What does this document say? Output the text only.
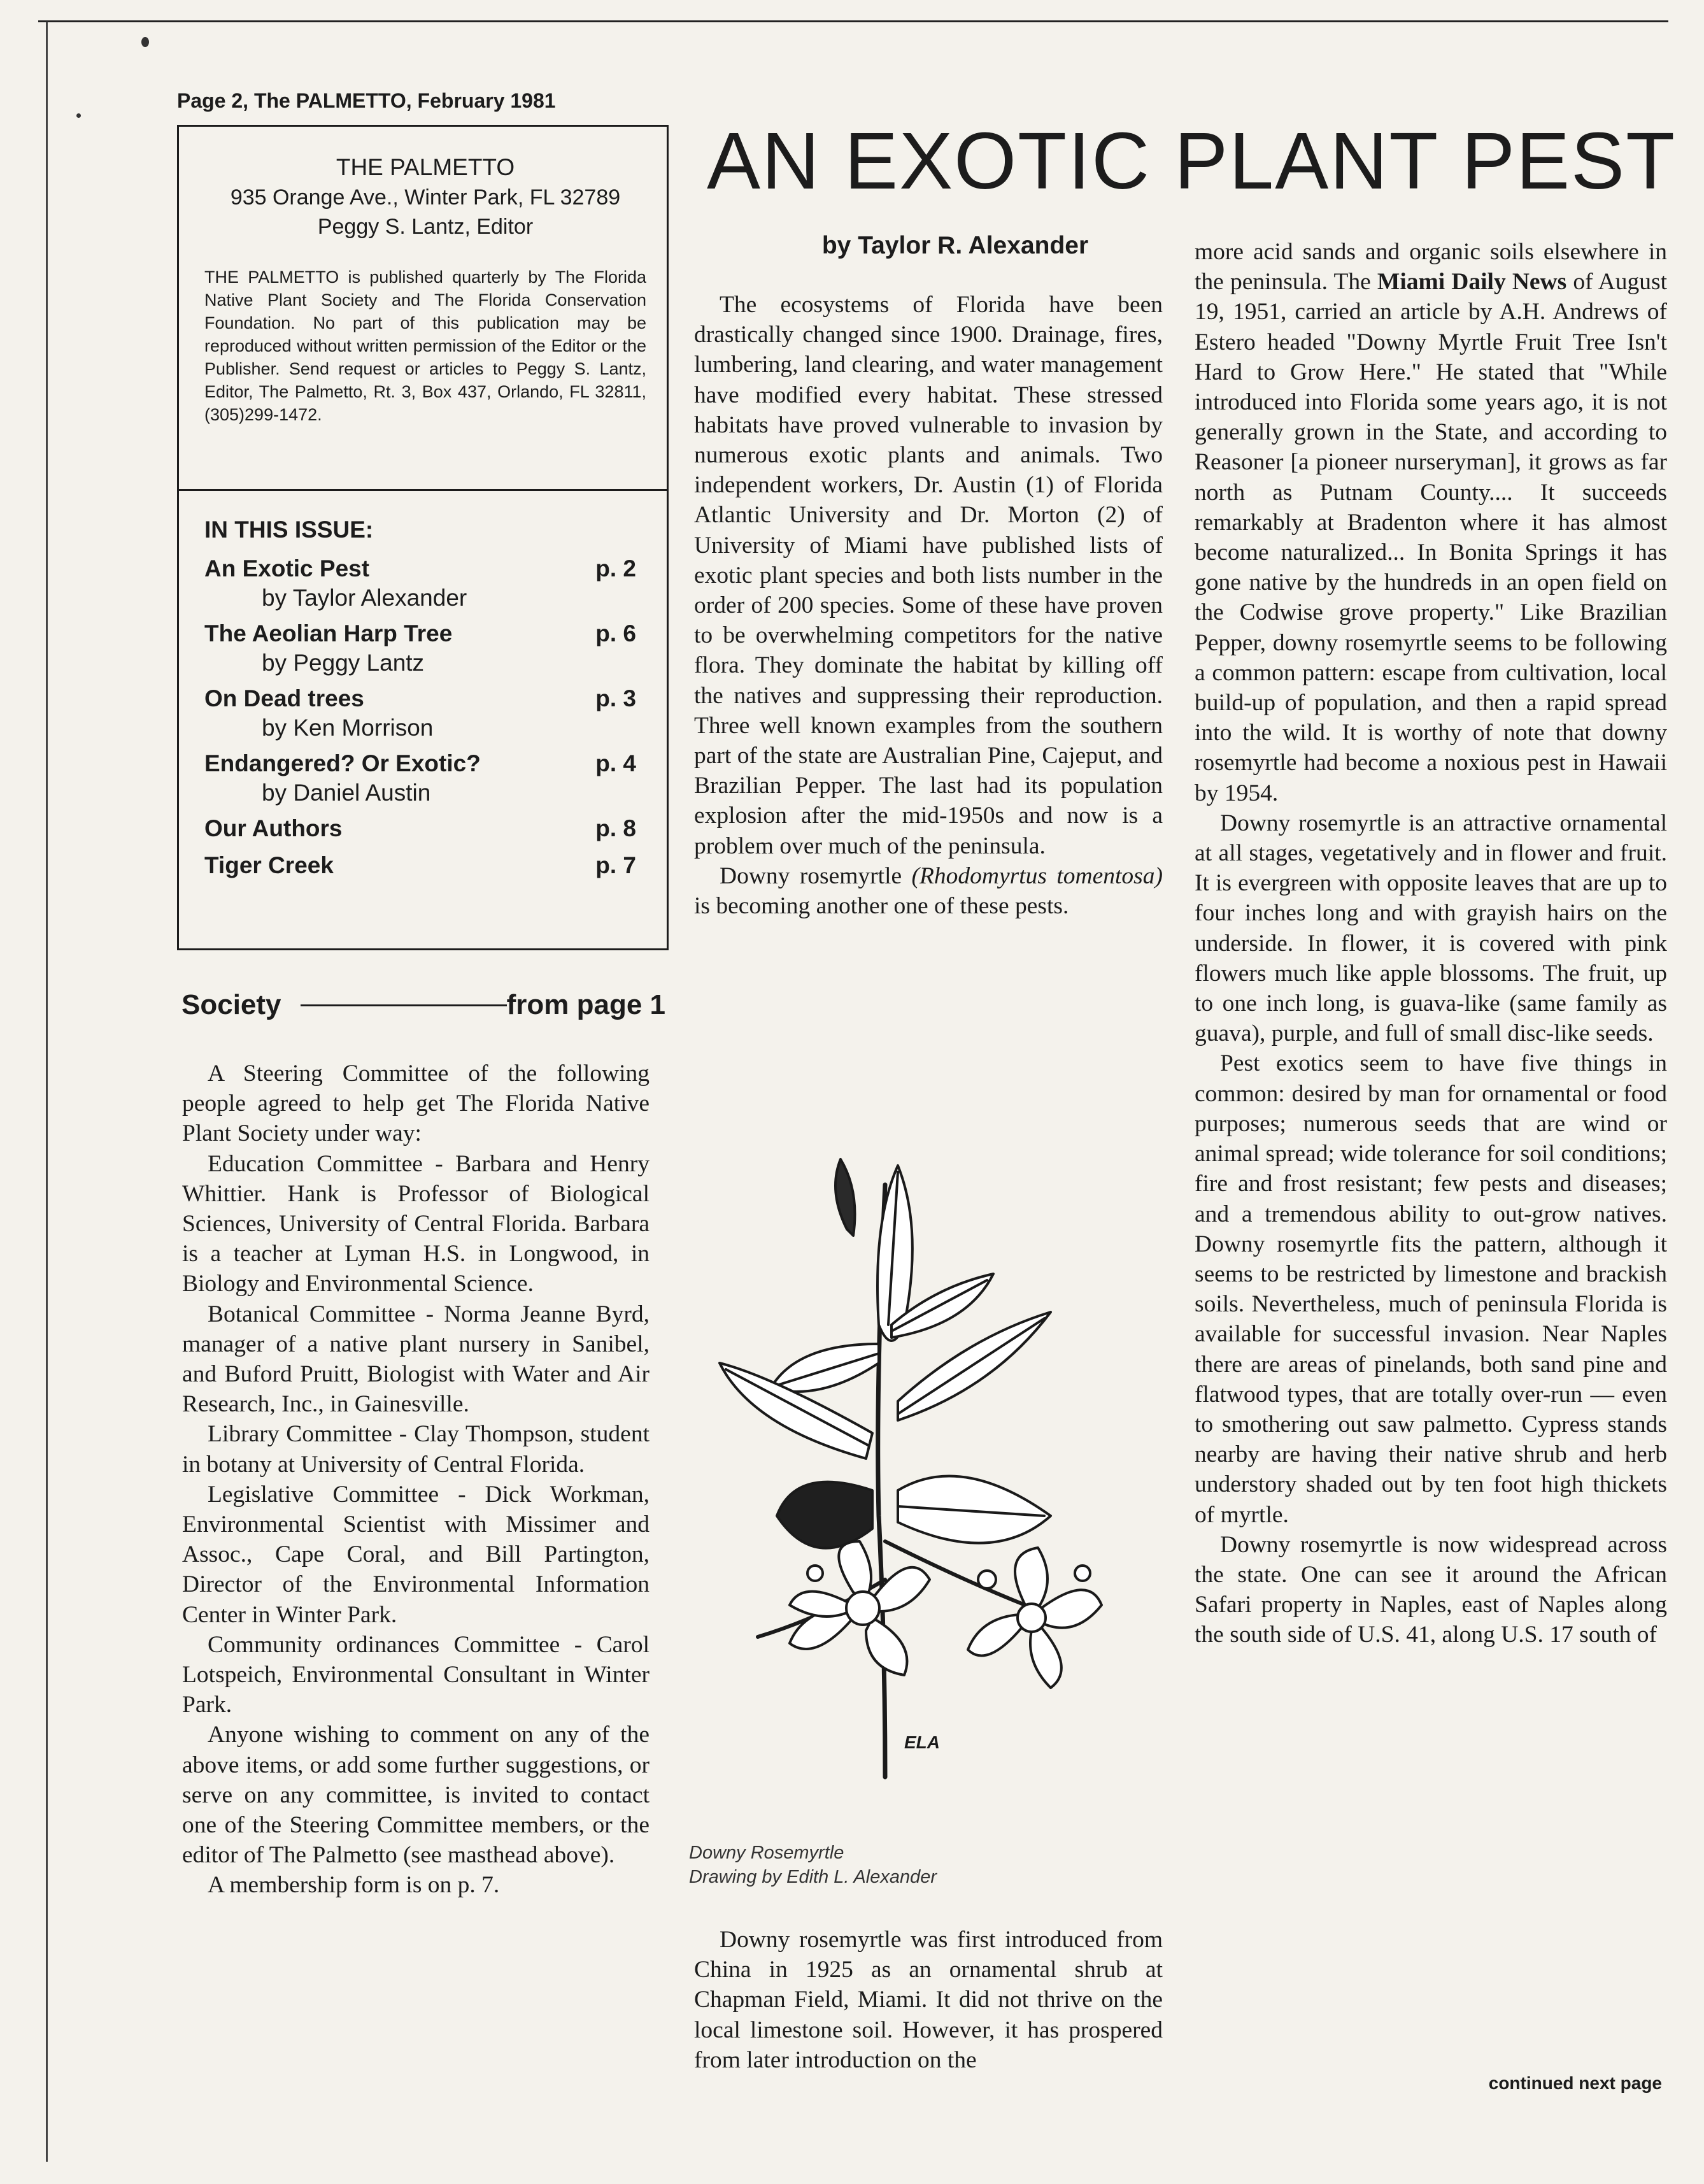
Page 2, The PALMETTO, February 1981
THE PALMETTO
935 Orange Ave., Winter Park, FL 32789
Peggy S. Lantz, Editor
THE PALMETTO is published quarterly by The Florida Native Plant Society and The Florida Conservation Foundation. No part of this publication may be reproduced without written permission of the Editor or the Publisher. Send request or articles to Peggy S. Lantz, Editor, The Palmetto, Rt. 3, Box 437, Orlando, FL 32811, (305)299-1472.
IN THIS ISSUE:
An Exotic Pest
by Taylor Alexander
p. 2
The Aeolian Harp Tree
by Peggy Lantz
p. 6
On Dead trees
by Ken Morrison
p. 3
Endangered? Or Exotic?
by Daniel Austin
p. 4
Our Authors	p. 8
Tiger Creek	p. 7
Society	from page 1

A Steering Committee of the following people agreed to help get The Florida Native Plant Society under way:

Education Committee - Barbara and Henry Whittier. Hank is Professor of Biological Sciences, University of Central Florida. Barbara is a teacher at Lyman H.S. in Longwood, in Biology and Environmental Science.

Botanical Committee - Norma Jeanne Byrd, manager of a native plant nursery in Sanibel, and Buford Pruitt, Biologist with Water and Air Research, Inc., in Gainesville.

Library Committee - Clay Thompson, student in botany at University of Central Florida.

Legislative Committee - Dick Workman, Environmental Scientist with Missimer and Assoc., Cape Coral, and Bill Partington, Director of the Environmental Information Center in Winter Park.

Community ordinances Committee - Carol Lotspeich, Environmental Consultant in Winter Park.

Anyone wishing to comment on any of the above items, or add some further suggestions, or serve on any committee, is invited to contact one of the Steering Committee members, or the editor of The Palmetto (see masthead above).

A membership form is on p. 7.

AN EXOTIC PLANT PEST
by Taylor R. Alexander

The ecosystems of Florida have been drastically changed since 1900. Drainage, fires, lumbering, land clearing, and water management have modified every habitat. These stressed habitats have proved vulnerable to invasion by numerous exotic plants and animals. Two independent workers, Dr. Austin (1) of Florida Atlantic University and Dr. Morton (2) of University of Miami have published lists of exotic plant species and both lists number in the order of 200 species. Some of these have proven to be overwhelming competitors for the native flora. They dominate the habitat by killing off the natives and suppressing their reproduction. Three well known examples from the southern part of the state are Australian Pine, Cajeput, and Brazilian Pepper. The last had its population explosion after the mid-1950s and now is a problem over much of the peninsula.

Downy rosemyrtle (Rhodomyrtus tomentosa) is becoming another one of these pests.

ELA
Downy Rosemyrtle
Drawing by Edith L. Alexander

Downy rosemyrtle was first introduced from China in 1925 as an ornamental shrub at Chapman Field, Miami. It did not thrive on the local limestone soil. However, it has prospered from later introduction on the

more acid sands and organic soils elsewhere in the peninsula. The Miami Daily News of August 19, 1951, carried an article by A.H. Andrews of Estero headed "Downy Myrtle Fruit Tree Isn't Hard to Grow Here." He stated that "While introduced into Florida some years ago, it is not generally grown in the State, and according to Reasoner [a pioneer nurseryman], it grows as far north as Putnam County.... It succeeds remarkably at Bradenton where it has almost become naturalized... In Bonita Springs it has gone native by the hundreds in an open field on the Codwise grove property." Like Brazilian Pepper, downy rosemyrtle seems to be following a common pattern: escape from cultivation, local build-up of population, and then a rapid spread into the wild. It is worthy of note that downy rosemyrtle had become a noxious pest in Hawaii by 1954.

Downy rosemyrtle is an attractive ornamental at all stages, vegetatively and in flower and fruit. It is evergreen with opposite leaves that are up to four inches long and with grayish hairs on the underside. In flower, it is covered with pink flowers much like apple blossoms. The fruit, up to one inch long, is guava-like (same family as guava), purple, and full of small disc-like seeds.

Pest exotics seem to have five things in common: desired by man for ornamental or food purposes; numerous seeds that are wind or animal spread; wide tolerance for soil conditions; fire and frost resistant; few pests and diseases; and a tremendous ability to out-grow natives. Downy rosemyrtle fits the pattern, although it seems to be restricted by limestone and brackish soils. Nevertheless, much of peninsula Florida is available for successful invasion. Near Naples there are areas of pinelands, both sand pine and flatwood types, that are totally over-run — even to smothering out saw palmetto. Cypress stands nearby are having their native shrub and herb understory shaded out by ten foot high thickets of myrtle.

Downy rosemyrtle is now widespread across the state. One can see it around the African Safari property in Naples, east of Naples along the south side of U.S. 41, along U.S. 17 south of

continued next page
